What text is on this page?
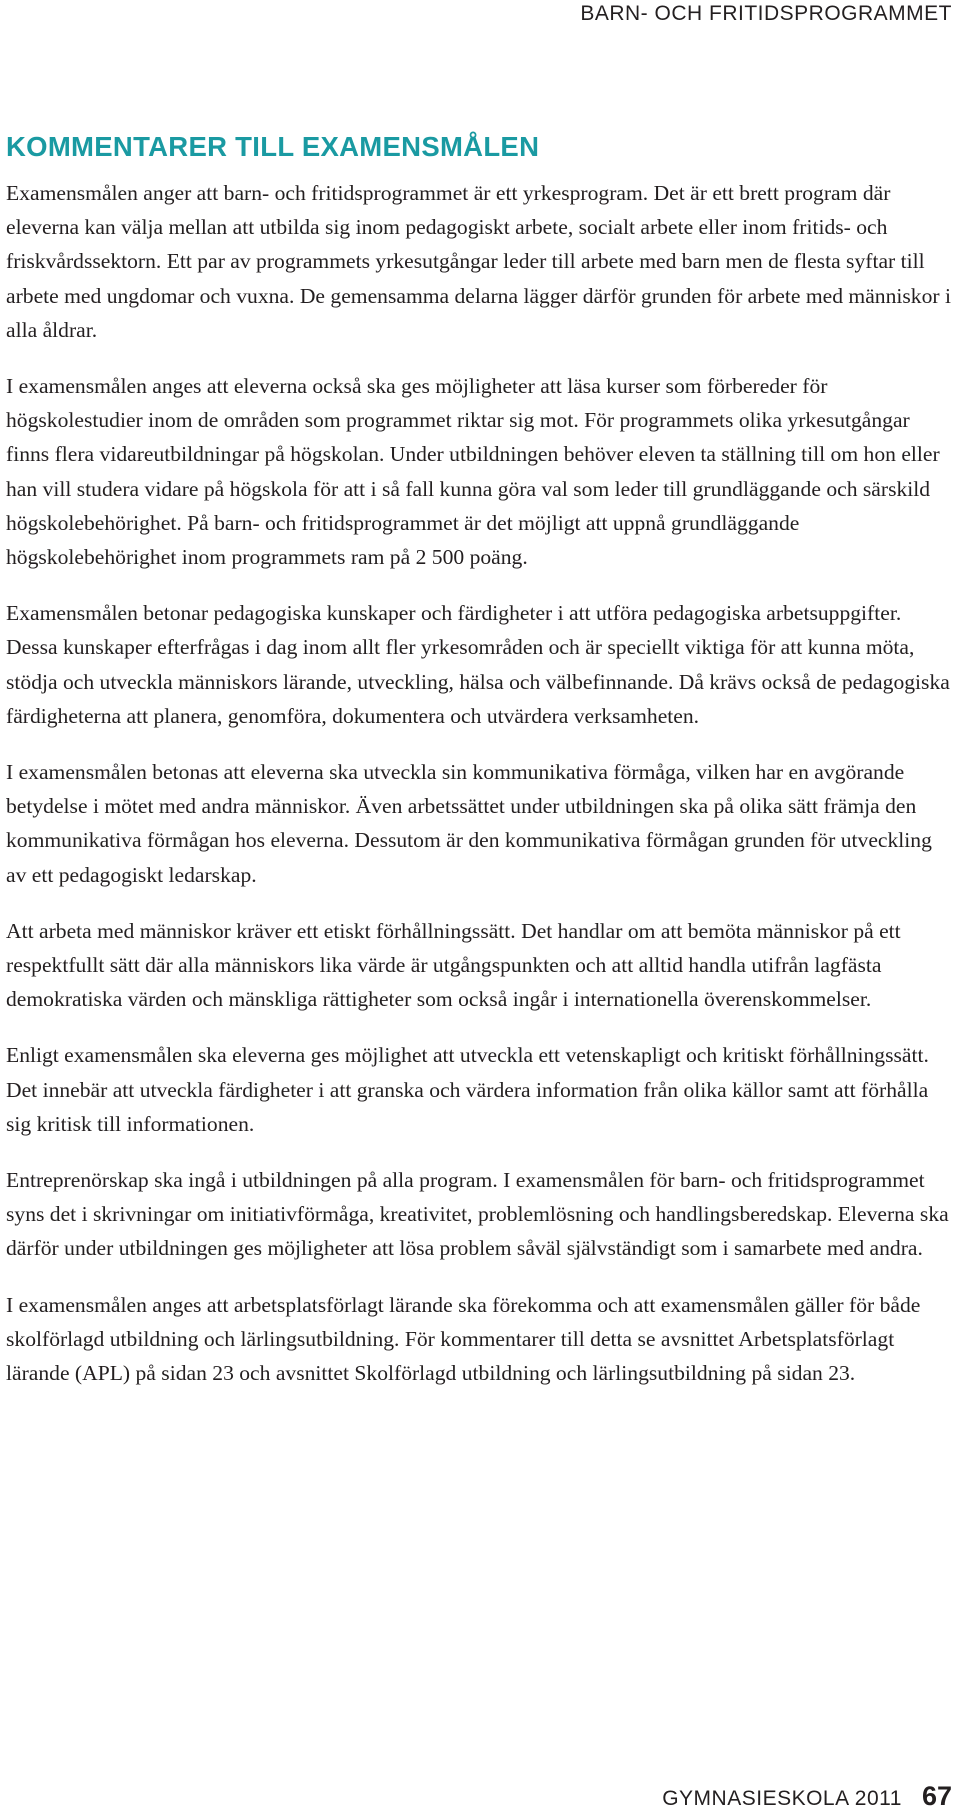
BARN- OCH FRITIDSPROGRAMMET
KOMMENTARER TILL EXAMENSMÅLEN

Examensmålen anger att barn- och fritidsprogrammet är ett yrkesprogram. Det är ett brett program där eleverna kan välja mellan att utbilda sig inom pedagogiskt arbete, socialt arbete eller inom fritids- och friskvårdssektorn. Ett par av programmets yrkesutgångar leder till arbete med barn men de flesta syftar till arbete med ungdomar och vuxna. De gemensamma delarna lägger därför grunden för arbete med människor i alla åldrar.

I examensmålen anges att eleverna också ska ges möjligheter att läsa kurser som förbereder för högskolestudier inom de områden som programmet riktar sig mot. För programmets olika yrkesutgångar finns flera vidareutbildningar på högskolan. Under utbildningen behöver eleven ta ställning till om hon eller han vill studera vidare på högskola för att i så fall kunna göra val som leder till grundläggande och särskild högskolebehörighet. På barn- och fritidsprogrammet är det möjligt att uppnå grundläggande högskolebehörighet inom programmets ram på 2 500 poäng.

Examensmålen betonar pedagogiska kunskaper och färdigheter i att utföra pedagogiska arbetsuppgifter. Dessa kunskaper efterfrågas i dag inom allt fler yrkesområden och är speciellt viktiga för att kunna möta, stödja och utveckla människors lärande, utveckling, hälsa och välbefinnande. Då krävs också de pedagogiska färdigheterna att planera, genomföra, dokumentera och utvärdera verksamheten.

I examensmålen betonas att eleverna ska utveckla sin kommunikativa förmåga, vilken har en avgörande betydelse i mötet med andra människor. Även arbetssättet under utbildningen ska på olika sätt främja den kommunikativa förmågan hos eleverna. Dessutom är den kommunikativa förmågan grunden för utveckling av ett pedagogiskt ledarskap.

Att arbeta med människor kräver ett etiskt förhållningssätt. Det handlar om att bemöta människor på ett respektfullt sätt där alla människors lika värde är utgångspunkten och att alltid handla utifrån lagfästa demokratiska värden och mänskliga rättigheter som också ingår i internationella överenskommelser.

Enligt examensmålen ska eleverna ges möjlighet att utveckla ett vetenskapligt och kritiskt förhållningssätt. Det innebär att utveckla färdigheter i att granska och värdera information från olika källor samt att förhålla sig kritisk till informationen.

Entreprenörskap ska ingå i utbildningen på alla program. I examensmålen för barn- och fritidsprogrammet syns det i skrivningar om initiativförmåga, kreativitet, problemlösning och handlingsberedskap. Eleverna ska därför under utbildningen ges möjligheter att lösa problem såväl självständigt som i samarbete med andra.

I examensmålen anges att arbetsplatsförlagt lärande ska förekomma och att examensmålen gäller för både skolförlagd utbildning och lärlingsutbildning. För kommentarer till detta se avsnittet Arbetsplatsförlagt lärande (APL) på sidan 23 och avsnittet Skolförlagd utbildning och lärlingsutbildning på sidan 23.

GYMNASIESKOLA 2011 67
